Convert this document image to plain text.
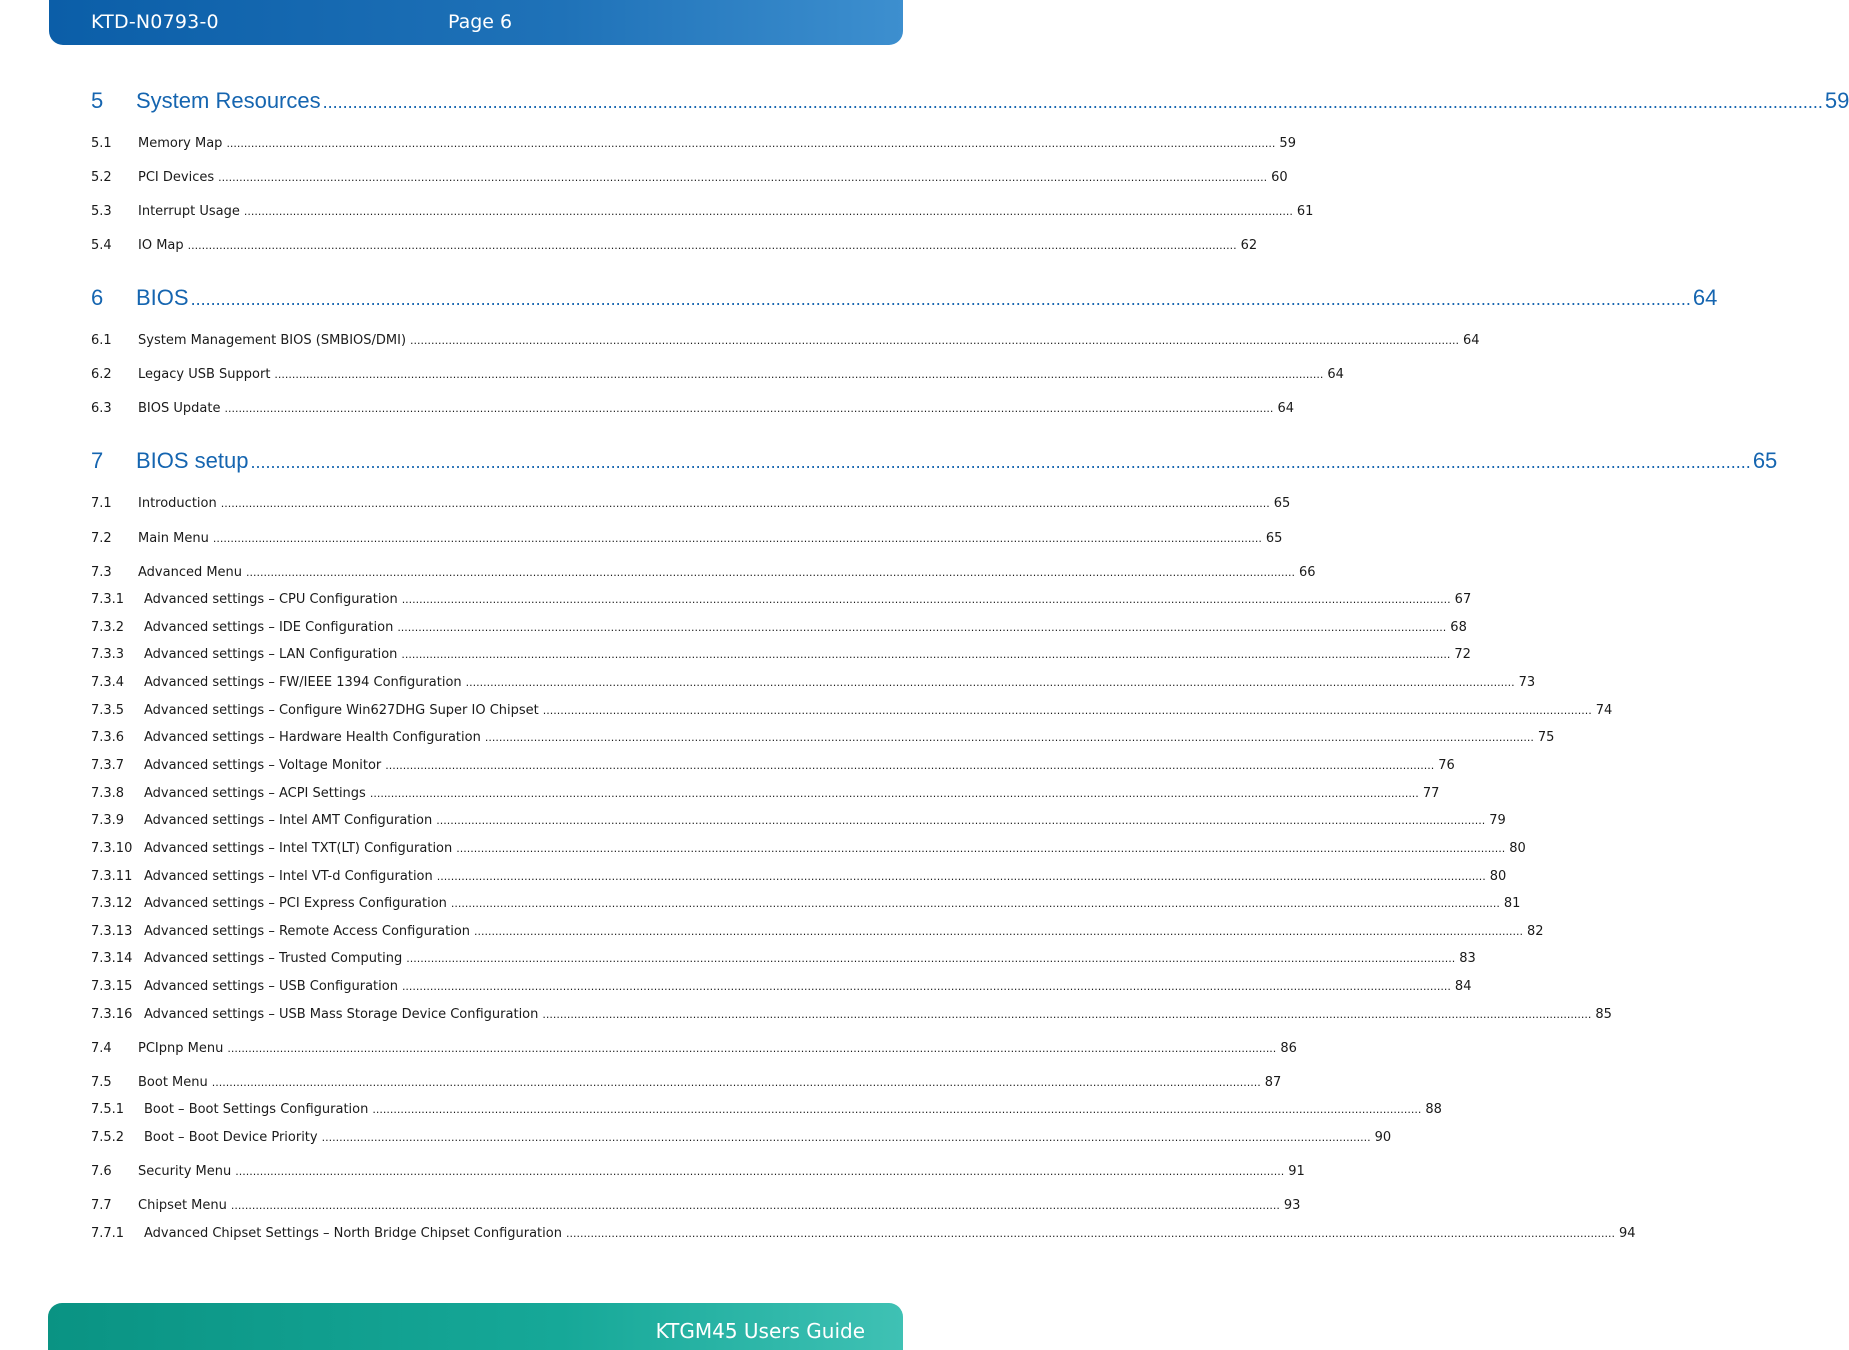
KTD-N0793-0	Page 6
5	System Resources ............................................................................................................................................................................................................................................................................................................ 59
5.1	Memory Map ............................................................................................................................................................................................................................................................................................................ 59
5.2	PCI Devices ............................................................................................................................................................................................................................................................................................................ 60
5.3	Interrupt Usage ............................................................................................................................................................................................................................................................................................................ 61
5.4	IO Map ............................................................................................................................................................................................................................................................................................................ 62
6	BIOS ............................................................................................................................................................................................................................................................................................................ 64
6.1	System Management BIOS (SMBIOS/DMI) ............................................................................................................................................................................................................................................................................................................ 64
6.2	Legacy USB Support ............................................................................................................................................................................................................................................................................................................ 64
6.3	BIOS Update ............................................................................................................................................................................................................................................................................................................ 64
7	BIOS setup ............................................................................................................................................................................................................................................................................................................ 65
7.1	Introduction ............................................................................................................................................................................................................................................................................................................ 65
7.2	Main Menu ............................................................................................................................................................................................................................................................................................................ 65
7.3	Advanced Menu ............................................................................................................................................................................................................................................................................................................ 66
7.3.1	Advanced settings – CPU Configuration ............................................................................................................................................................................................................................................................................................................ 67
7.3.2	Advanced settings – IDE Configuration ............................................................................................................................................................................................................................................................................................................ 68
7.3.3	Advanced settings – LAN Configuration ............................................................................................................................................................................................................................................................................................................ 72
7.3.4	Advanced settings – FW/IEEE 1394 Configuration ............................................................................................................................................................................................................................................................................................................ 73
7.3.5	Advanced settings – Configure Win627DHG Super IO Chipset ............................................................................................................................................................................................................................................................................................................ 74
7.3.6	Advanced settings – Hardware Health Configuration ............................................................................................................................................................................................................................................................................................................ 75
7.3.7	Advanced settings – Voltage Monitor ............................................................................................................................................................................................................................................................................................................ 76
7.3.8	Advanced settings – ACPI Settings ............................................................................................................................................................................................................................................................................................................ 77
7.3.9	Advanced settings – Intel AMT Configuration ............................................................................................................................................................................................................................................................................................................ 79
7.3.10 Advanced settings – Intel TXT(LT) Configuration ............................................................................................................................................................................................................................................................................................................ 80
7.3.11 Advanced settings – Intel VT-d Configuration ............................................................................................................................................................................................................................................................................................................ 80
7.3.12 Advanced settings – PCI Express Configuration ............................................................................................................................................................................................................................................................................................................ 81
7.3.13 Advanced settings – Remote Access Configuration ............................................................................................................................................................................................................................................................................................................ 82
7.3.14 Advanced settings – Trusted Computing ............................................................................................................................................................................................................................................................................................................ 83
7.3.15 Advanced settings – USB Configuration ............................................................................................................................................................................................................................................................................................................ 84
7.3.16 Advanced settings – USB Mass Storage Device Configuration ............................................................................................................................................................................................................................................................................................................ 85
7.4	PCIpnp Menu ............................................................................................................................................................................................................................................................................................................ 86
7.5	Boot Menu ............................................................................................................................................................................................................................................................................................................ 87
7.5.1	Boot – Boot Settings Configuration ............................................................................................................................................................................................................................................................................................................ 88
7.5.2	Boot – Boot Device Priority ............................................................................................................................................................................................................................................................................................................ 90
7.6	Security Menu ............................................................................................................................................................................................................................................................................................................ 91
7.7	Chipset Menu ............................................................................................................................................................................................................................................................................................................ 93
7.7.1	Advanced Chipset Settings – North Bridge Chipset Configuration ............................................................................................................................................................................................................................................................................................................ 94
KTGM45 Users Guide
